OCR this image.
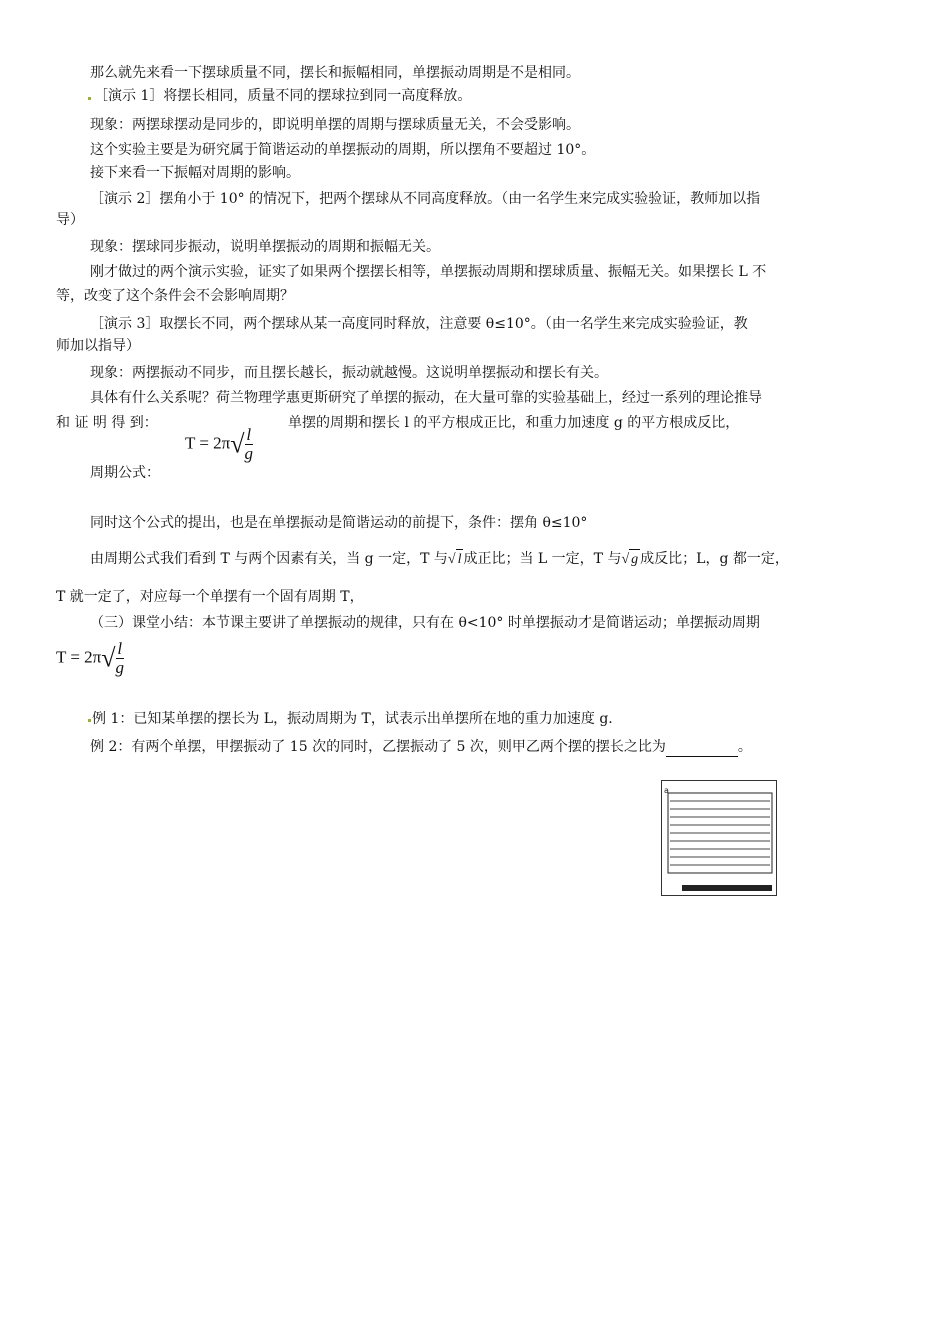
那么就先来看一下摆球质量不同，摆长和振幅相同，单摆振动周期是不是相同。
［演示 1］将摆长相同，质量不同的摆球拉到同一高度释放。
现象：两摆球摆动是同步的，即说明单摆的周期与摆球质量无关，不会受影响。
这个实验主要是为研究属于简谐运动的单摆振动的周期，所以摆角不要超过 10°。
接下来看一下振幅对周期的影响。
［演示 2］摆角小于 10° 的情况下，把两个摆球从不同高度释放。（由一名学生来完成实验验证，教师加以指
导）
现象：摆球同步振动，说明单摆振动的周期和振幅无关。
刚才做过的两个演示实验，证实了如果两个摆摆长相等，单摆振动周期和摆球质量、振幅无关。如果摆长 L 不
等，改变了这个条件会不会影响周期？
［演示 3］取摆长不同，两个摆球从某一高度同时释放，注意要 θ≤10°。（由一名学生来完成实验验证，教
师加以指导）
现象：两摆振动不同步，而且摆长越长，振动就越慢。这说明单摆振动和摆长有关。
具体有什么关系呢？荷兰物理学惠更斯研究了单摆的振动，在大量可靠的实验基础上，经过一系列的理论推导
和 证 明 得 到：	单摆的周期和摆长 l 的平方根成正比，和重力加速度 g 的平方根成反比，
$T = 2\pi√ \frac{l}{g}$
周期公式：
同时这个公式的提出，也是在单摆振动是简谐运动的前提下，条件：摆角 θ≤10°
由周期公式我们看到 T 与两个因素有关，当 g 一定，T 与√ l 成正比；当 L 一定，T 与√ g 成反比；L，g 都一定，
T 就一定了，对应每一个单摆有一个固有周期 T，
（三）课堂小结：本节课主要讲了单摆振动的规律，只有在 θ<10° 时单摆振动才是简谐运动；单摆振动周期
$T = 2\pi√ \frac{l}{g}$
例 1：已知某单摆的摆长为 L，振动周期为 T，试表示出单摆所在地的重力加速度 g.
例 2：有两个单摆，甲摆振动了 15 次的同时，乙摆振动了 5 次，则甲乙两个摆的摆长之比为	。
a
